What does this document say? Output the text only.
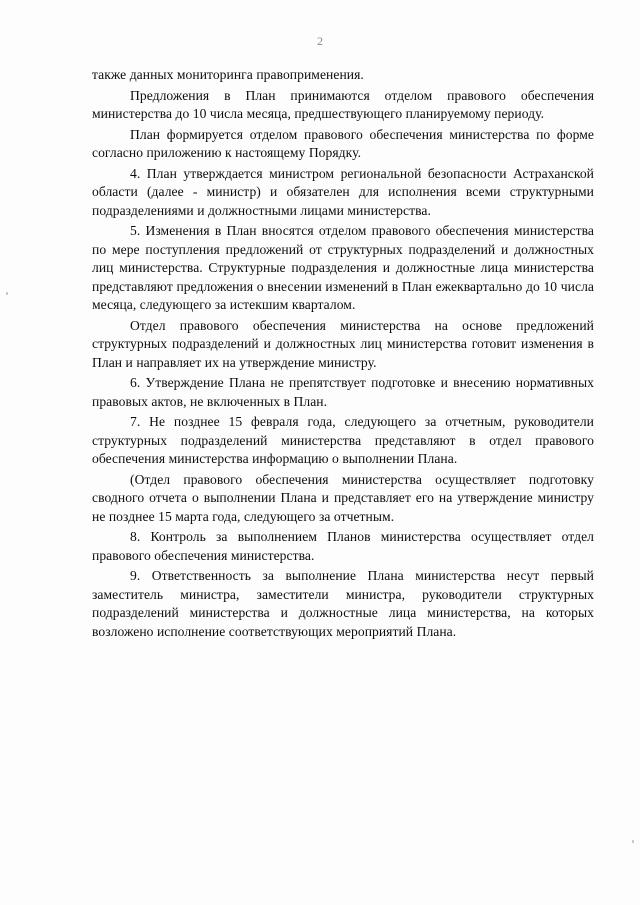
2

также данных мониторинга правоприменения.

Предложения в План принимаются отделом правового обеспечения министерства до 10 числа месяца, предшествующего планируемому периоду.

План формируется отделом правового обеспечения министерства по форме согласно приложению к настоящему Порядку.

4. План утверждается министром региональной безопасности Астраханской области (далее - министр) и обязателен для исполнения всеми структурными подразделениями и должностными лицами министерства.

5. Изменения в План вносятся отделом правового обеспечения министерства по мере поступления предложений от структурных подразделений и должностных лиц министерства. Структурные подразделения и должностные лица министерства представляют предложения о внесении изменений в План ежеквартально до 10 числа месяца, следующего за истекшим кварталом.

Отдел правового обеспечения министерства на основе предложений структурных подразделений и должностных лиц министерства готовит изменения в План и направляет их на утверждение министру.

6. Утверждение Плана не препятствует подготовке и внесению нормативных правовых актов, не включенных в План.

7. Не позднее 15 февраля года, следующего за отчетным, руководители структурных подразделений министерства представляют в отдел правового обеспечения министерства информацию о выполнении Плана.

(Отдел правового обеспечения министерства осуществляет подготовку сводного отчета о выполнении Плана и представляет его на утверждение министру не позднее 15 марта года, следующего за отчетным.

8. Контроль за выполнением Планов министерства осуществляет отдел правового обеспечения министерства.

9. Ответственность за выполнение Плана министерства несут первый заместитель министра, заместители министра, руководители структурных подразделений министерства и должностные лица министерства, на которых возложено исполнение соответствующих мероприятий Плана.
